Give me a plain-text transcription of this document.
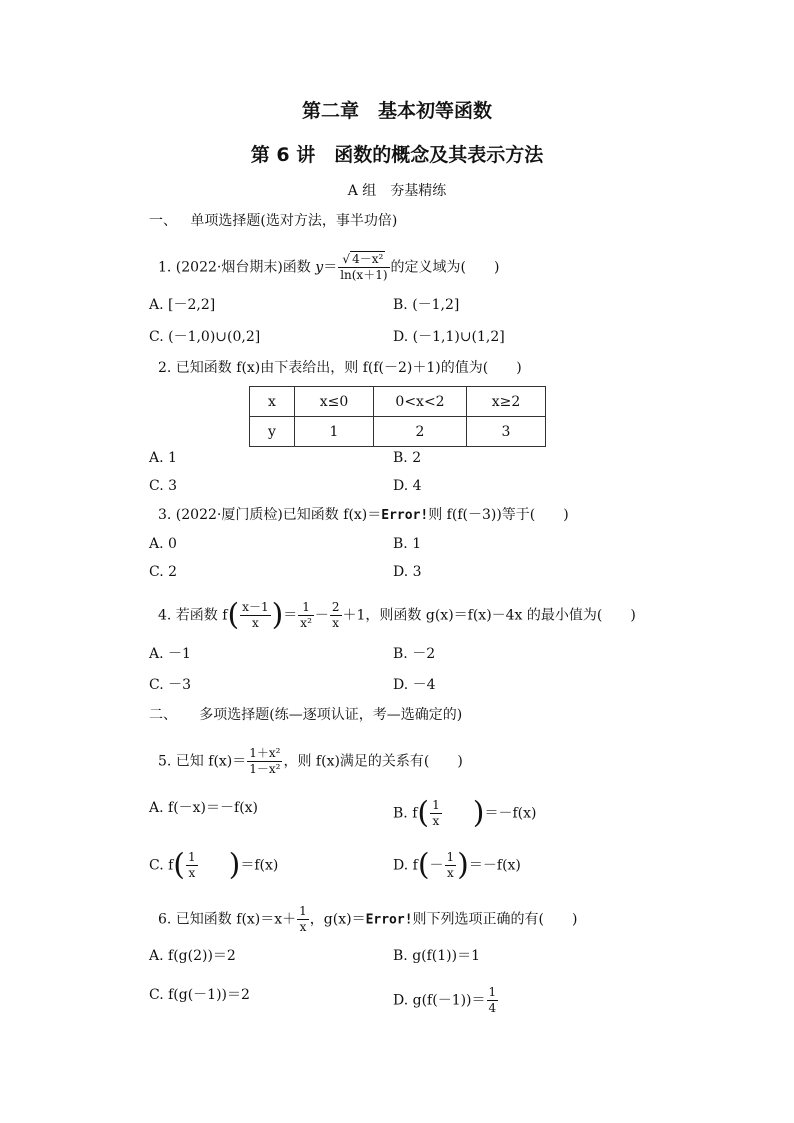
第二章　基本初等函数
第 6 讲　函数的概念及其表示方法
A 组　夯基精练
一、 单项选择题(选对方法，事半功倍)
1. (2022·烟台期末)函数 $y= \frac{\text{√ 4－x²}}{\ln(x+1)}$ 的定义域为(　　)
A. [－2,2]	B. (－1,2]
C. (－1,0)∪(0,2]	D. (－1,1)∪(1,2]
2. 已知函数 f(x)由下表给出，则 f(f(－2)＋1)的值为(　　)
x	x≤0	0<x<2	x≥2
y	1	2	3
A. 1	B. 2
C. 3	D. 4
3. (2022·厦门质检)已知函数 f(x)＝Error!则 f(f(－3))等于(　　)
A. 0	B. 1
C. 2	D. 3
4. 若函数 $f( \frac{x-1}{x}$ )＝ $\frac{1}{\text{x²}} - \frac{2}{x} +1$，则函数 g(x)＝f(x)－4x 的最小值为(　　)
A. －1	B. －2
C. －3	D. －4
二、 多项选择题(练—逐项认证，考—选确定的)
5. 已知 $f(x)= \frac{\text{1＋x²}}{\text{1－x²}}$ ，则 f(x)满足的关系有(　　)
A. f(－x)＝－f(x)	B. $f( \frac{1}{x} )=-f(x)$
C. $f( \frac{1}{x} )=f(x)$	D. $f(- \frac{1}{x} )=-f(x)$
6. 已知函数 $f(x)=x+ \frac{1}{x}$ ，g(x)＝Error!则下列选项正确的有(　　)
A. f(g(2))＝2	B. g(f(1))＝1
C. f(g(－1))＝2	D. $g(f(-1))= \frac{1}{4}$
